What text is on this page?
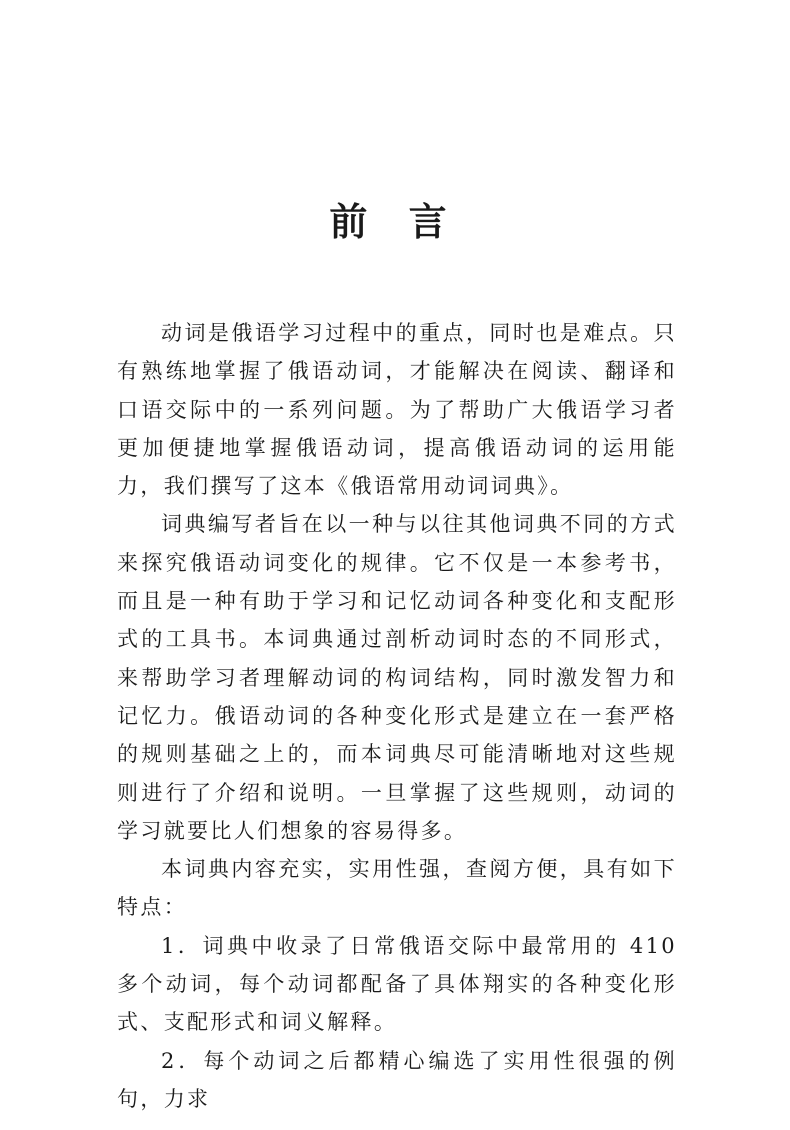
前 言

动词是俄语学习过程中的重点，同时也是难点。只有熟练地掌握了俄语动词，才能解决在阅读、翻译和口语交际中的一系列问题。为了帮助广大俄语学习者更加便捷地掌握俄语动词，提高俄语动词的运用能力，我们撰写了这本《俄语常用动词词典》。

词典编写者旨在以一种与以往其他词典不同的方式来探究俄语动词变化的规律。它不仅是一本参考书，而且是一种有助于学习和记忆动词各种变化和支配形式的工具书。本词典通过剖析动词时态的不同形式，来帮助学习者理解动词的构词结构，同时激发智力和记忆力。俄语动词的各种变化形式是建立在一套严格的规则基础之上的，而本词典尽可能清晰地对这些规则进行了介绍和说明。一旦掌握了这些规则，动词的学习就要比人们想象的容易得多。

本词典内容充实，实用性强，查阅方便，具有如下特点：

1．词典中收录了日常俄语交际中最常用的 410 多个动词，每个动词都配备了具体翔实的各种变化形式、支配形式和词义解释。

2．每个动词之后都精心编选了实用性很强的例句，力求
